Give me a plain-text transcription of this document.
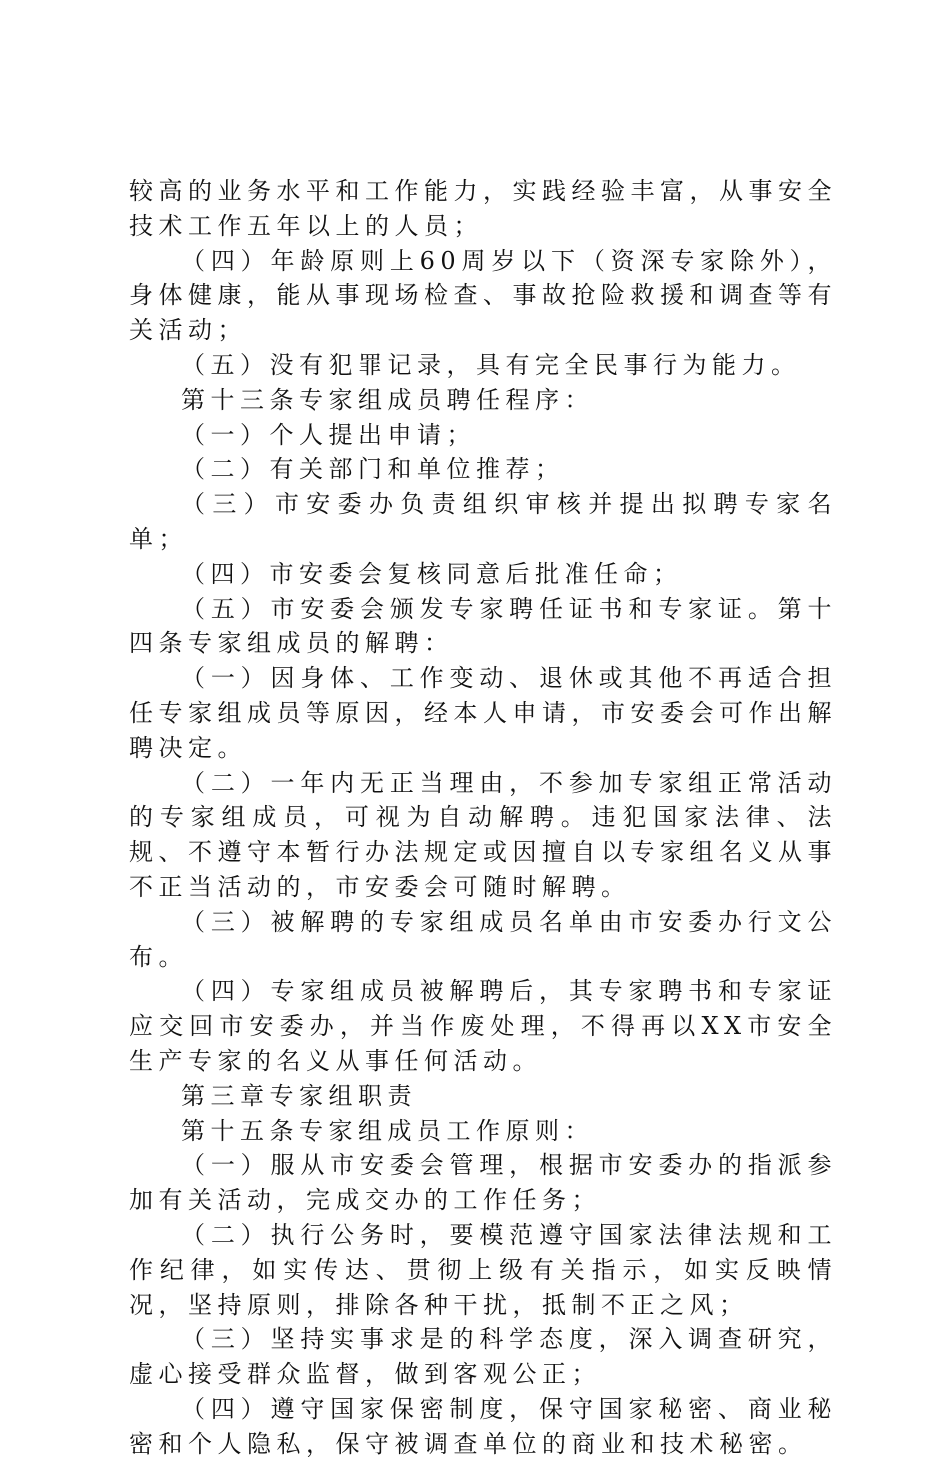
较高的业务水平和工作能力，实践经验丰富，从事安全技术工作五年以上的人员；

（四）年龄原则上60周岁以下（资深专家除外），身体健康，能从事现场检查、事故抢险救援和调查等有关活动；

（五）没有犯罪记录，具有完全民事行为能力。

第十三条专家组成员聘任程序：

（一）个人提出申请；

（二）有关部门和单位推荐；

（三）市安委办负责组织审核并提出拟聘专家名单；

（四）市安委会复核同意后批准任命；

（五）市安委会颁发专家聘任证书和专家证。第十四条专家组成员的解聘：

（一）因身体、工作变动、退休或其他不再适合担任专家组成员等原因，经本人申请，市安委会可作出解聘决定。

（二）一年内无正当理由，不参加专家组正常活动的专家组成员，可视为自动解聘。违犯国家法律、法规、不遵守本暂行办法规定或因擅自以专家组名义从事不正当活动的，市安委会可随时解聘。

（三）被解聘的专家组成员名单由市安委办行文公布。

（四）专家组成员被解聘后，其专家聘书和专家证应交回市安委办，并当作废处理，不得再以XX市安全生产专家的名义从事任何活动。

第三章专家组职责

第十五条专家组成员工作原则：

（一）服从市安委会管理，根据市安委办的指派参加有关活动，完成交办的工作任务；

（二）执行公务时，要模范遵守国家法律法规和工作纪律，如实传达、贯彻上级有关指示，如实反映情况，坚持原则，排除各种干扰，抵制不正之风；

（三）坚持实事求是的科学态度，深入调查研究，虚心接受群众监督，做到客观公正；

（四）遵守国家保密制度，保守国家秘密、商业秘密和个人隐私，保守被调查单位的商业和技术秘密。
